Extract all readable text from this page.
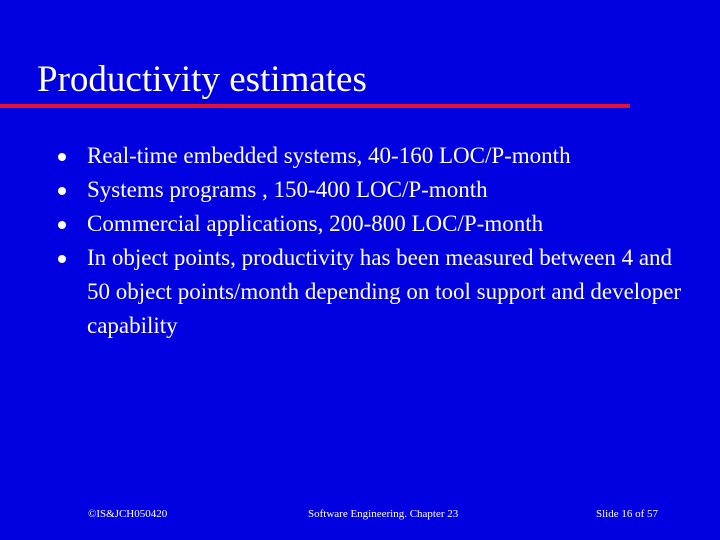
Productivity estimates
Real-time embedded systems, 40-160 LOC/P-month
Systems programs , 150-400 LOC/P-month
Commercial applications, 200-800 LOC/P-month
In object points, productivity has been measured between 4 and 50 object points/month depending on tool support and developer capability
©IS&JCH050420	Software Engineering. Chapter 23	Slide 16 of 57
